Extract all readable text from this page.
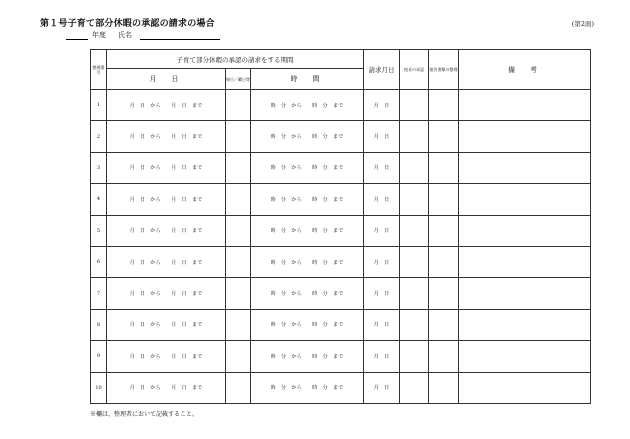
第１号子育て部分休暇の承認の請求の場合	(第2面)
年度 氏名
整理番号	子育て部分休暇の承認の請求をする期間			請求月日	校長の承認	報告書類の整理	備　考
	月　日	毎日／曜日等	時　間				
1	月　日　から　　月　日　まで		時　分　から　　時　分　まで	月　日			
2	月　日　から　　月　日　まで		時　分　から　　時　分　まで	月　日			
3	月　日　から　　月　日　まで		時　分　から　　時　分　まで	月　日			
4	月　日　から　　月　日　まで		時　分　から　　時　分　まで	月　日			
5	月　日　から　　月　日　まで		時　分　から　　時　分　まで	月　日			
6	月　日　から　　月　日　まで		時　分　から　　時　分　まで	月　日			
7	月　日　から　　月　日　まで		時　分　から　　時　分　まで	月　日			
8	月　日　から　　月　日　まで		時　分　から　　時　分　まで	月　日			
9	月　日　から　　月　日　まで		時　分　から　　時　分　まで	月　日			
10	月　日　から　　月　日　まで		時　分　から　　時　分　まで	月　日			
※欄は、整理者において記載すること。
